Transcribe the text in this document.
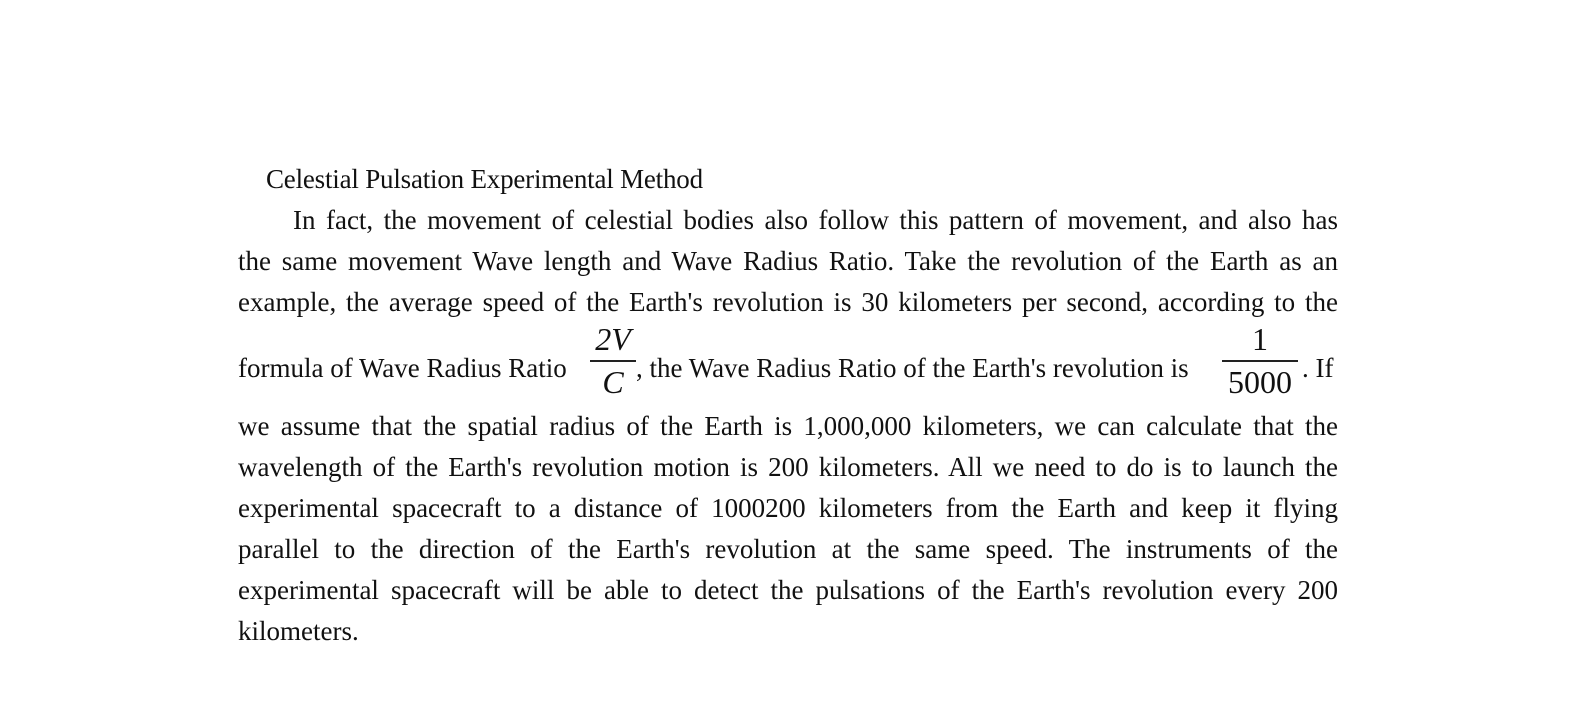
Celestial Pulsation Experimental Method
In fact, the movement of celestial bodies also follow this pattern of movement, and also has
the same movement Wave length and Wave Radius Ratio. Take the revolution of the Earth as an
example, the average speed of the Earth's revolution is 30 kilometers per second, according to the
formula of Wave Radius Ratio
2V
C , the Wave Radius Ratio of the Earth's revolution is
1
5000 . If
we assume that the spatial radius of the Earth is 1,000,000 kilometers, we can calculate that the
wavelength of the Earth's revolution motion is 200 kilometers. All we need to do is to launch the
experimental spacecraft to a distance of 1000200 kilometers from the Earth and keep it flying
parallel to the direction of the Earth's revolution at the same speed. The instruments of the
experimental spacecraft will be able to detect the pulsations of the Earth's revolution every 200
kilometers.
